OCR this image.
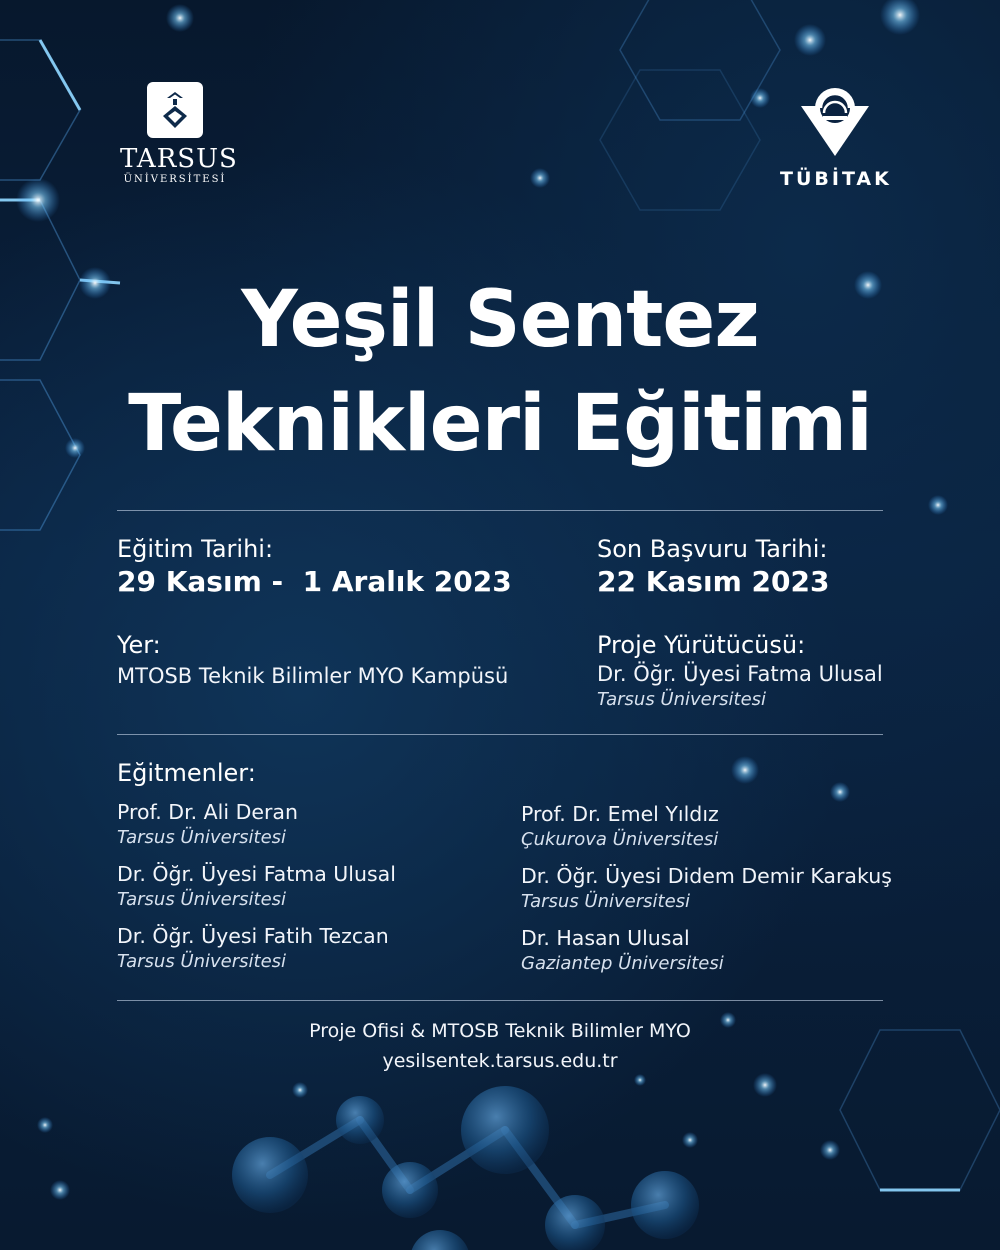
TARSUS
ÜNİVERSİTESİ	TÜBİTAK
Yeşil Sentez
Teknikleri Eğitimi
Eğitim Tarihi:
29 Kasım -  1 Aralık 2023
Yer:
MTOSB Teknik Bilimler MYO Kampüsü
Son Başvuru Tarihi:
22 Kasım 2023
Proje Yürütücüsü:
Dr. Öğr. Üyesi Fatma Ulusal
Tarsus Üniversitesi
Eğitmenler:
Prof. Dr. Ali Deran
Tarsus Üniversitesi
Dr. Öğr. Üyesi Fatma Ulusal
Tarsus Üniversitesi
Dr. Öğr. Üyesi Fatih Tezcan
Tarsus Üniversitesi
Prof. Dr. Emel Yıldız
Çukurova Üniversitesi
Dr. Öğr. Üyesi Didem Demir Karakuş
Tarsus Üniversitesi
Dr. Hasan Ulusal
Gaziantep Üniversitesi
Proje Ofisi & MTOSB Teknik Bilimler MYO
yesilsentek.tarsus.edu.tr
